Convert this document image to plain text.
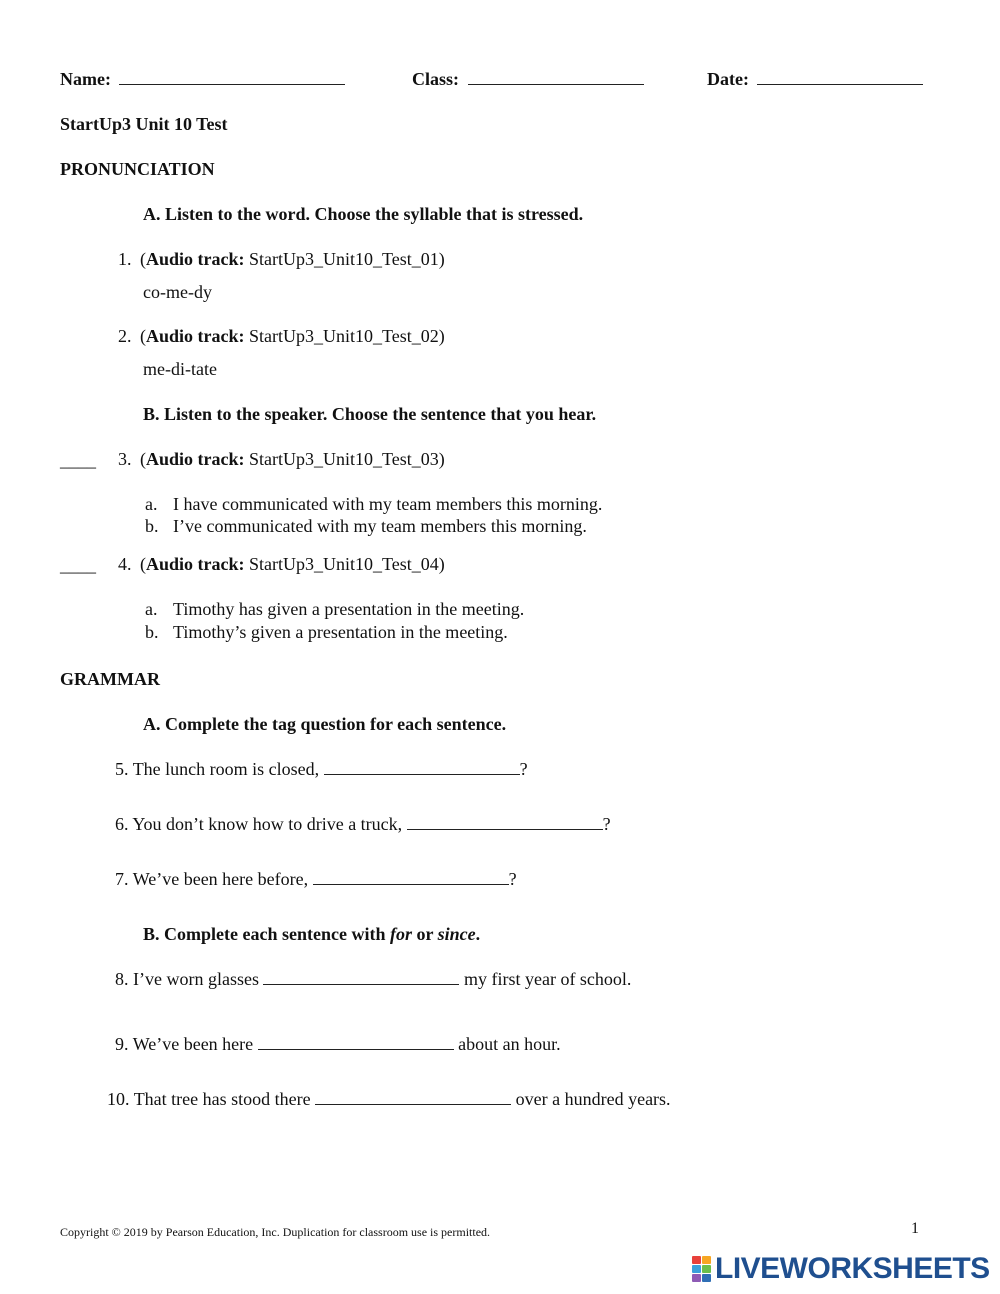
Name:	Class:	Date:
StartUp3 Unit 10 Test
PRONUNCIATION
A. Listen to the word. Choose the syllable that is stressed.
1. (Audio track: StartUp3_Unit10_Test_01)
co-me-dy
2. (Audio track: StartUp3_Unit10_Test_02)
me-di-tate
B. Listen to the speaker. Choose the sentence that you hear.
____ 3. (Audio track: StartUp3_Unit10_Test_03)
a. I have communicated with my team members this morning.
b. I’ve communicated with my team members this morning.
____ 4. (Audio track: StartUp3_Unit10_Test_04)
a. Timothy has given a presentation in the meeting.
b. Timothy’s given a presentation in the meeting.
GRAMMAR
A. Complete the tag question for each sentence.
5. The lunch room is closed,	?
6. You don’t know how to drive a truck,	?
7. We’ve been here before,	?
B. Complete each sentence with for or since.
8. I’ve worn glasses	my first year of school.
9. We’ve been here	about an hour.
10. That tree has stood there	over a hundred years.
Copyright © 2019 by Pearson Education, Inc. Duplication for classroom use is permitted.	1
LIVEWORKSHEETS
